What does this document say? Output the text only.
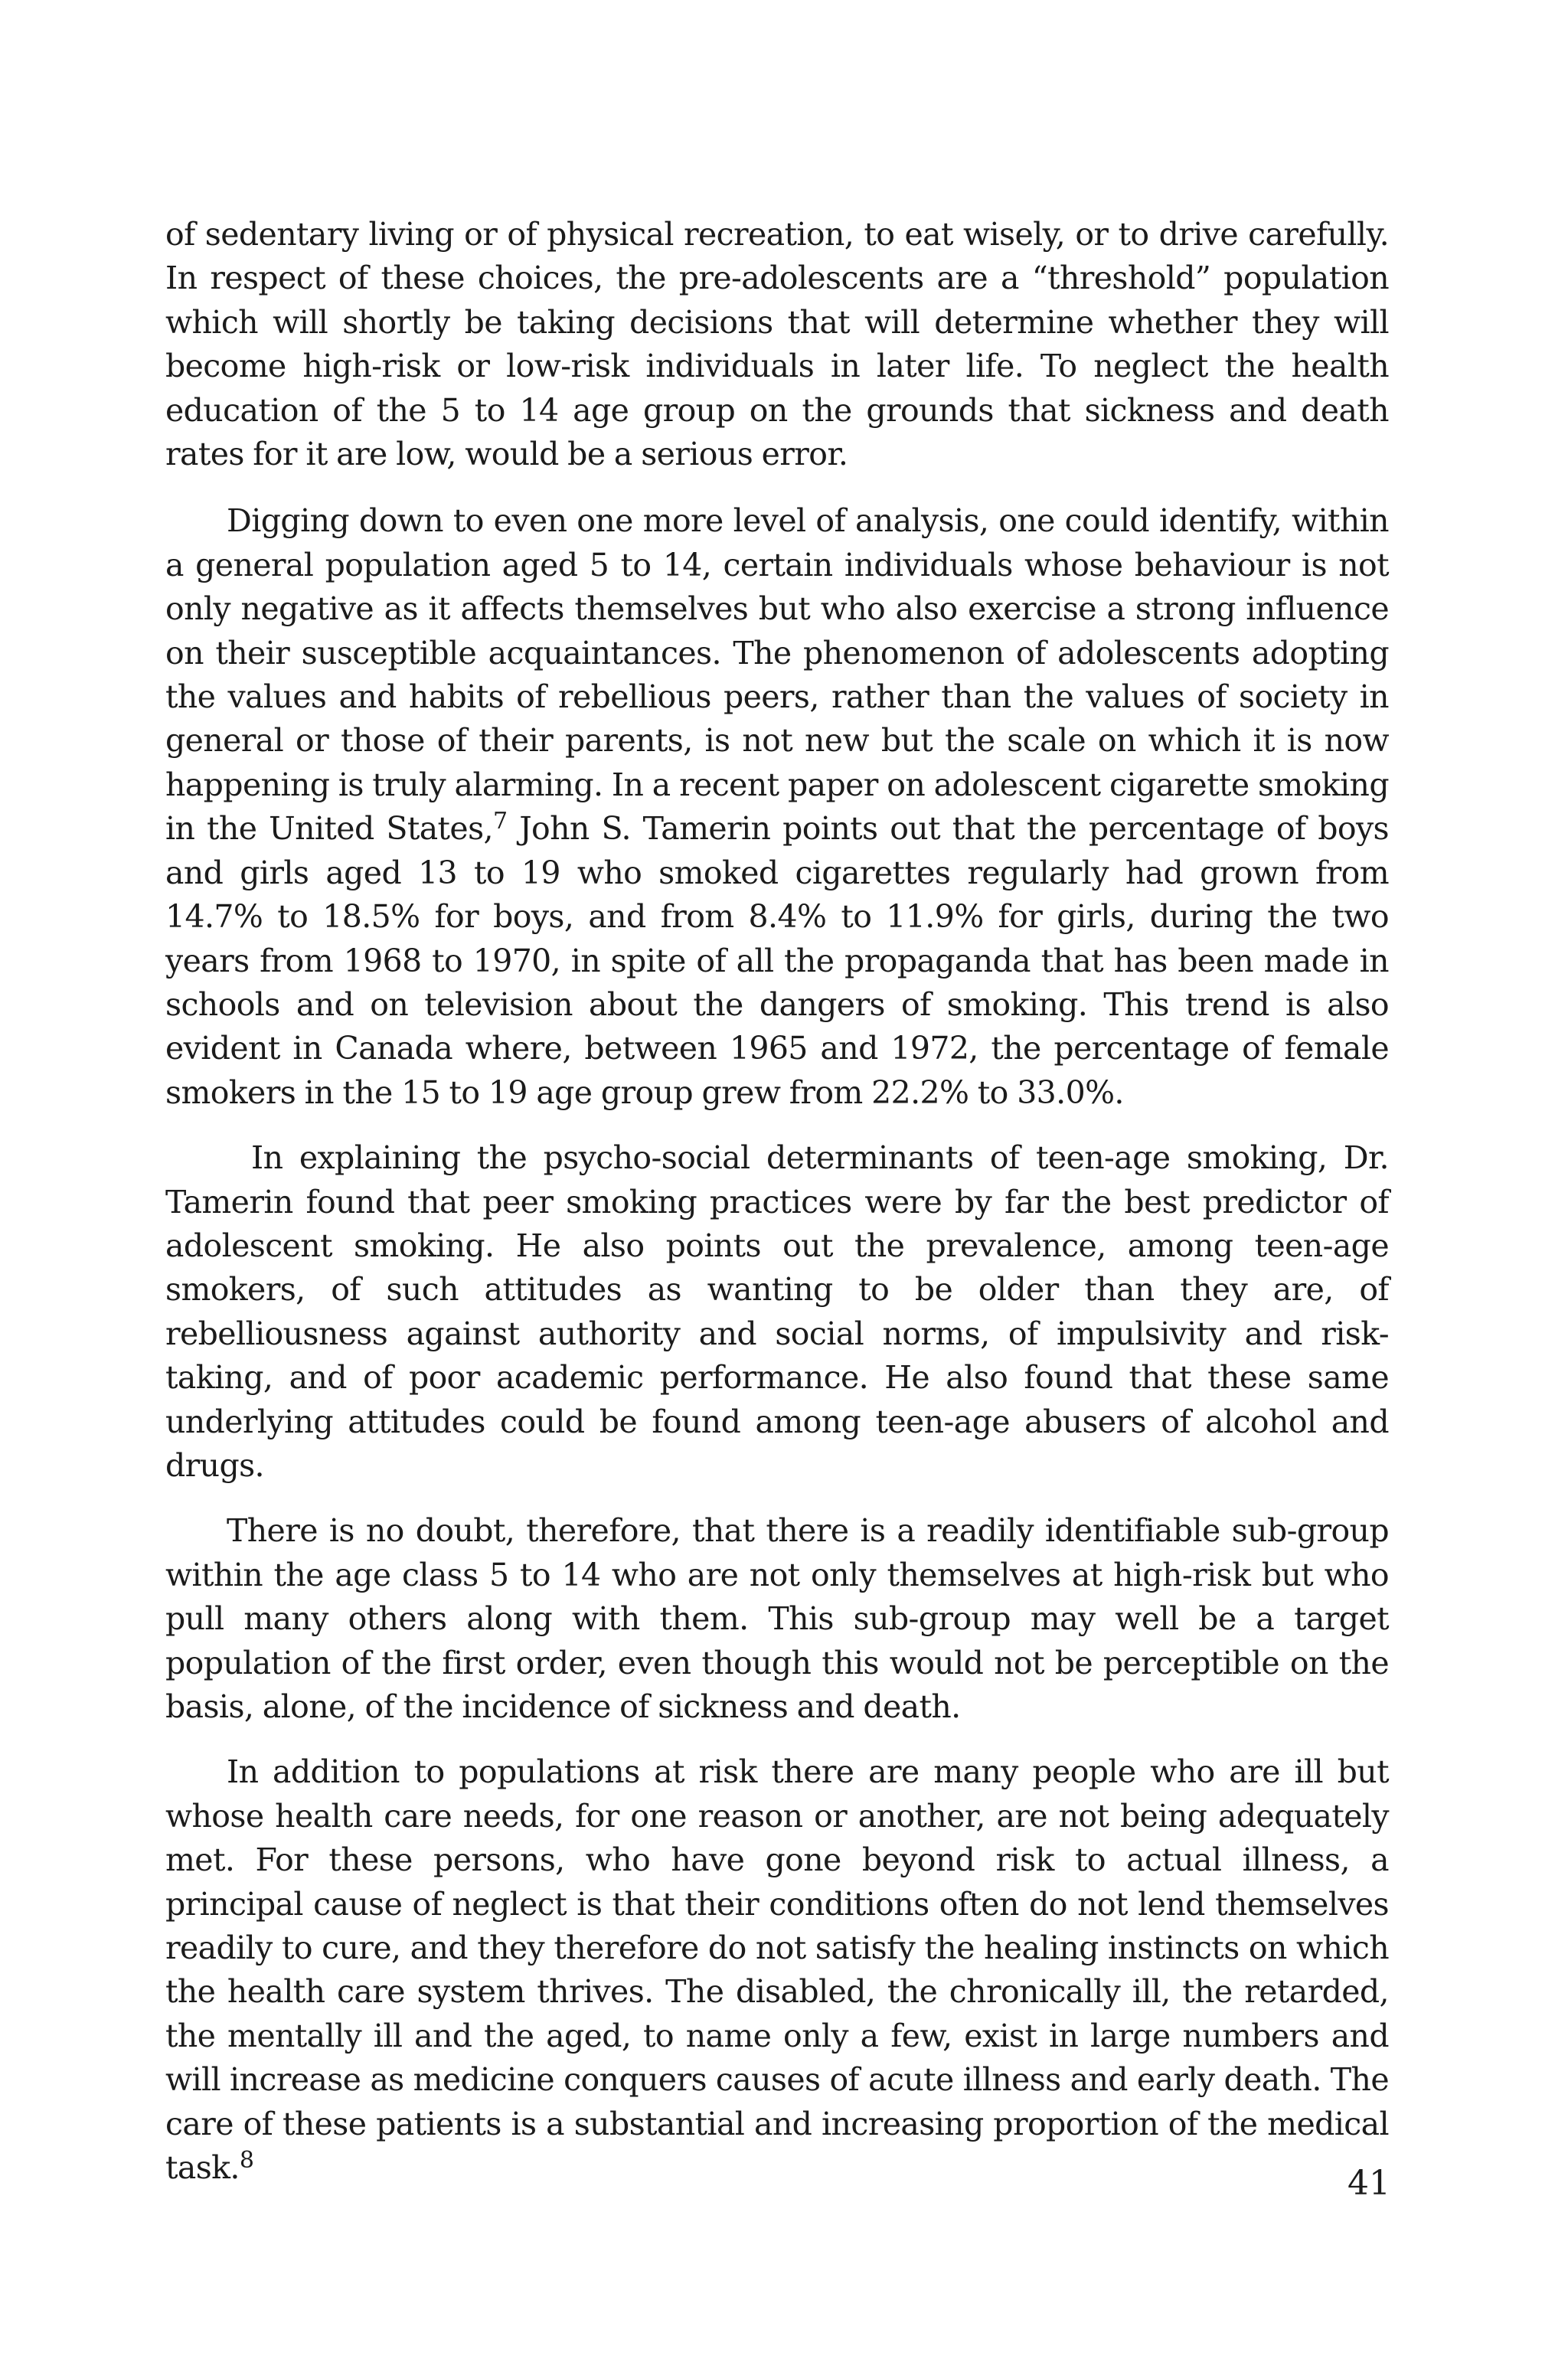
of sedentary living or of physical recreation, to eat wisely, or to drive carefully. In respect of these choices, the pre-adolescents are a “threshold” population which will shortly be taking decisions that will determine whether they will become high-risk or low-risk individuals in later life. To neglect the health education of the 5 to 14 age group on the grounds that sickness and death rates for it are low, would be a serious error.

Digging down to even one more level of analysis, one could identify, within a general population aged 5 to 14, certain individuals whose behaviour is not only negative as it affects themselves but who also exercise a strong influence on their susceptible acquaintances. The phenomenon of adolescents adopting the values and habits of rebellious peers, rather than the values of society in general or those of their parents, is not new but the scale on which it is now happening is truly alarming. In a recent paper on adolescent cigarette smoking in the United States,$^7$ John S. Tamerin points out that the percentage of boys and girls aged 13 to 19 who smoked cigarettes regularly had grown from 14.7% to 18.5% for boys, and from 8.4% to 11.9% for girls, during the two years from 1968 to 1970, in spite of all the propaganda that has been made in schools and on television about the dangers of smoking. This trend is also evident in Canada where, between 1965 and 1972, the percentage of female smokers in the 15 to 19 age group grew from 22.2% to 33.0%.

In explaining the psycho-social determinants of teen-age smoking, Dr. Tamerin found that peer smoking practices were by far the best predictor of adolescent smoking. He also points out the prevalence, among teen-age smokers, of such attitudes as wanting to be older than they are, of rebelliousness against authority and social norms, of impulsivity and risk-taking, and of poor academic performance. He also found that these same underlying attitudes could be found among teen-age abusers of alcohol and drugs.

There is no doubt, therefore, that there is a readily identifiable sub-group within the age class 5 to 14 who are not only themselves at high-risk but who pull many others along with them. This sub-group may well be a target population of the first order, even though this would not be perceptible on the basis, alone, of the incidence of sickness and death.

In addition to populations at risk there are many people who are ill but whose health care needs, for one reason or another, are not being adequately met. For these persons, who have gone beyond risk to actual illness, a principal cause of neglect is that their conditions often do not lend themselves readily to cure, and they therefore do not satisfy the healing instincts on which the health care system thrives. The disabled, the chronically ill, the retarded, the mentally ill and the aged, to name only a few, exist in large numbers and will increase as medicine conquers causes of acute illness and early death. The care of these patients is a substantial and increasing proportion of the medical task.$^8$

41
